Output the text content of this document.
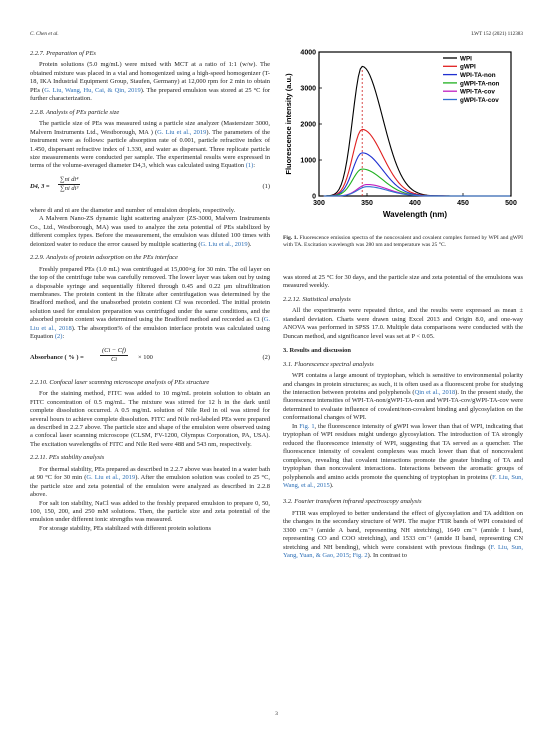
C. Chen et al.	LWT 152 (2021) 112383
2.2.7. Preparation of PEs

Protein solutions (5.0 mg/mL) were mixed with MCT at a ratio of 1:1 (w/w). The obtained mixture was placed in a vial and homogenized using a high-speed homogenizer (T-18, IKA Industrial Equipment Group, Staufen, Germany) at 12,000 rpm for 2 min to obtain PEs (G. Liu, Wang, Hu, Cai, & Qin, 2019). The prepared emulsion was stored at 25 °C for further characterization.

2.2.8. Analysis of PEs particle size

The particle size of PEs was measured using a particle size analyzer (Mastersizer 3000, Malvern Instruments Ltd., Westborough, MA ) (G. Liu et al., 2019). The parameters of the instrument were as follows: particle absorption rate of 0.001, particle refractive index of 1.450, dispersant refractive index of 1.330, and water as dispersant. Three replicate particle size measurements were conducted per sample. The experimental results were expressed in terms of the volume-averaged diameter D4,3, which was calculated using Equation (1):

D4, $3 = \frac{\text{∑ni di⁴}}{\text{∑ni di³}}$	(1)

where di and ni are the diameter and number of emulsion droplets, respectively.

A Malvern Nano-ZS dynamic light scattering analyzer (ZS-3000, Malvern Instruments Co., Ltd., Westborough, MA) was used to analyze the zeta potential of PEs stabilized by different complex types. Before the measurement, the emulsion was diluted 100 times with deionized water to reduce the error caused by multiple scattering (G. Liu et al., 2019).

2.2.9. Analysis of protein adsorption on the PEs interface

Freshly prepared PEs (1.0 mL) was centrifuged at 15,000×g for 30 min. The oil layer on the top of the centrifuge tube was carefully removed. The lower layer was taken out by using a disposable syringe and sequentially filtered through 0.45 and 0.22 μm ultrafiltration membranes. The protein content in the filtrate after centrifugation was determined by the Bradford method, and the unabsorbed protein content Cf was recorded. The initial protein solution used for emulsion preparation was centrifuged under the same conditions, and the absorbed protein content was determined using the Bradford method and recorded as Ci (G. Liu et al., 2018). The absorption% of the emulsion interface protein was calculated using Equation (2):

Absorbance ( % ) =	$\frac{(Ci - Cf)}{Ci} \times 100$	(2)
2.2.10. Confocal laser scanning microscope analysis of PEs structure

For the staining method, FITC was added to 10 mg/mL protein solution to obtain an FITC concentration of 0.5 mg/mL. The mixture was stirred for 12 h in the dark until complete dissolution occurred. A 0.5 mg/mL solution of Nile Red in oil was stirred for several hours to achieve complete dissolution. FITC and Nile red-labeled PEs were prepared as described in 2.2.7 above. The particle size and shape of the emulsion were observed using a confocal laser scanning microscope (CLSM, FV-1200, Olympus Corporation, PA, USA). The excitation wavelengths of FITC and Nile Red were 488 and 543 nm, respectively.

2.2.11. PEs stability analysis

For thermal stability, PEs prepared as described in 2.2.7 above was heated in a water bath at 90 °C for 30 min (G. Liu et al., 2019). After the emulsion solution was cooled to 25 °C, the particle size and zeta potential of the emulsion were analyzed as described in 2.2.8 above.

For salt ion stability, NaCl was added to the freshly prepared emulsion to prepare 0, 50, 100, 150, 200, and 250 mM solutions. Then, the particle size and zeta potential of the emulsion under different ionic strengths was measured.

For storage stability, PEs stabilized with different protein solutions

300	350	400	450	500
0
1000
2000
3000
4000
Wavelength (nm)
Fluorescence intensity (a.u.)
WPI
gWPI
WPI-TA-non
gWPI-TA-non
WPI-TA-cov
gWPI-TA-cov
Fig. 1. Fluorescence emission spectra of the noncovalent and covalent complex formed by WPI and gWPI with TA. Excitation wavelength was 280 nm and temperature was 25 °C.

was stored at 25 °C for 30 days, and the particle size and zeta potential of the emulsions was measured weekly.

2.2.12. Statistical analysis

All the experiments were repeated thrice, and the results were expressed as mean ± standard deviation. Charts were drawn using Excel 2013 and Origin 8.0, and one-way ANOVA was performed in SPSS 17.0. Multiple data comparisons were conducted with the Duncan method, and significance level was set at P < 0.05.

3. Results and discussion
3.1. Fluorescence spectral analysis

WPI contains a large amount of tryptophan, which is sensitive to environmental polarity and changes in protein structures; as such, it is often used as a fluorescent probe for studying the interaction between proteins and polyphenols (Qin et al., 2018). In the present study, the fluorescence intensities of WPI-TA-non/gWPI-TA-non and WPI-TA-cov/gWPI-TA-cov were determined to evaluate influence of covalent/non-covalent binding and glycosylation on the conformational changes of WPI.

In Fig. 1, the fluorescence intensity of gWPI was lower than that of WPI, indicating that tryptophan of WPI residues might undergo glycosylation. The introduction of TA strongly reduced the fluorescence intensity of WPI, suggesting that TA served as a quencher. The fluorescence intensity of covalent complexes was much lower than that of noncovalent complexes, revealing that covalent interactions promote the greater binding of TA and tryptophan than noncovalent interactions. Interactions between the aromatic groups of polyphenols and amino acids promote the quenching of tryptophan in proteins (F. Liu, Sun, Wang, et al., 2015).

3.2. Fourier transform infrared spectroscopy analysis

FTIR was employed to better understand the effect of glycosylation and TA addition on the changes in the secondary structure of WPI. The major FTIR bands of WPI consisted of 3300 cm⁻¹ (amide A band, representing NH stretching), 1649 cm⁻¹ (amide I band, representing CO and COO stretching), and 1533 cm⁻¹ (amide II band, representing CN stretching and NH bending), which were consistent with previous findings (F. Liu, Sun, Yang, Yuan, & Gao, 2015; Fig. 2). In contrast to

3
